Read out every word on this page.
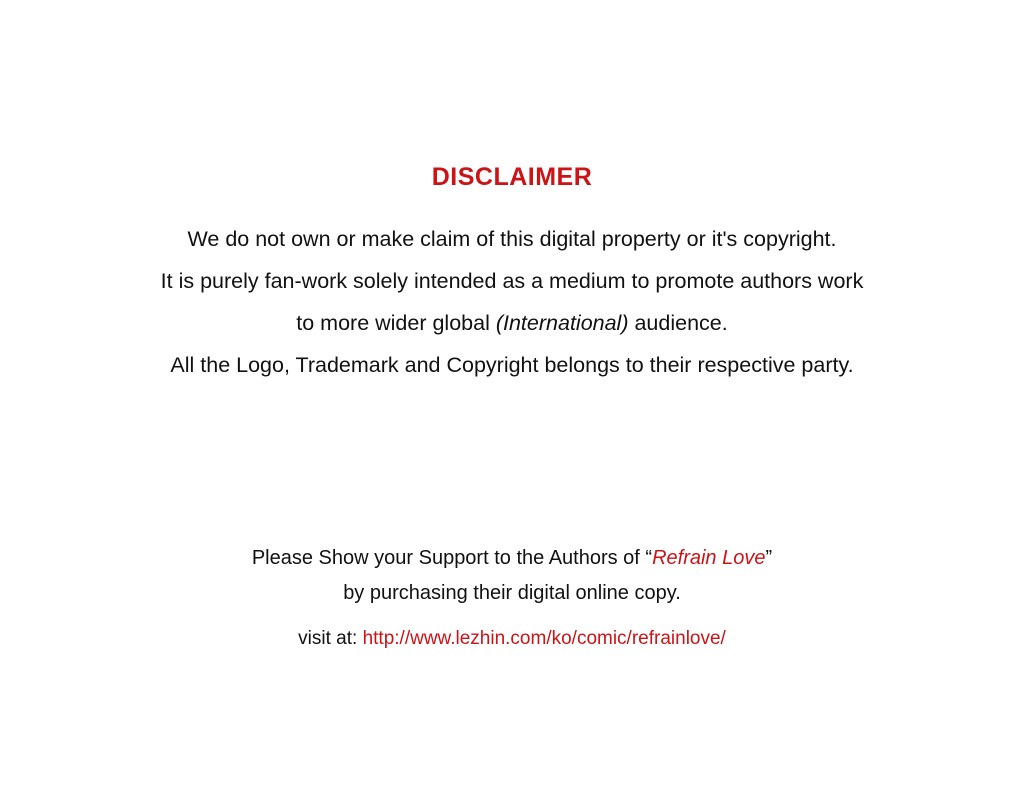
DISCLAIMER
We do not own or make claim of this digital property or it's copyright.
It is purely fan-work solely intended as a medium to promote authors work
to more wider global (International) audience.
All the Logo, Trademark and Copyright belongs to their respective party.
Please Show your Support to the Authors of “Refrain Love”
by purchasing their digital online copy.
visit at: http://www.lezhin.com/ko/comic/refrainlove/
